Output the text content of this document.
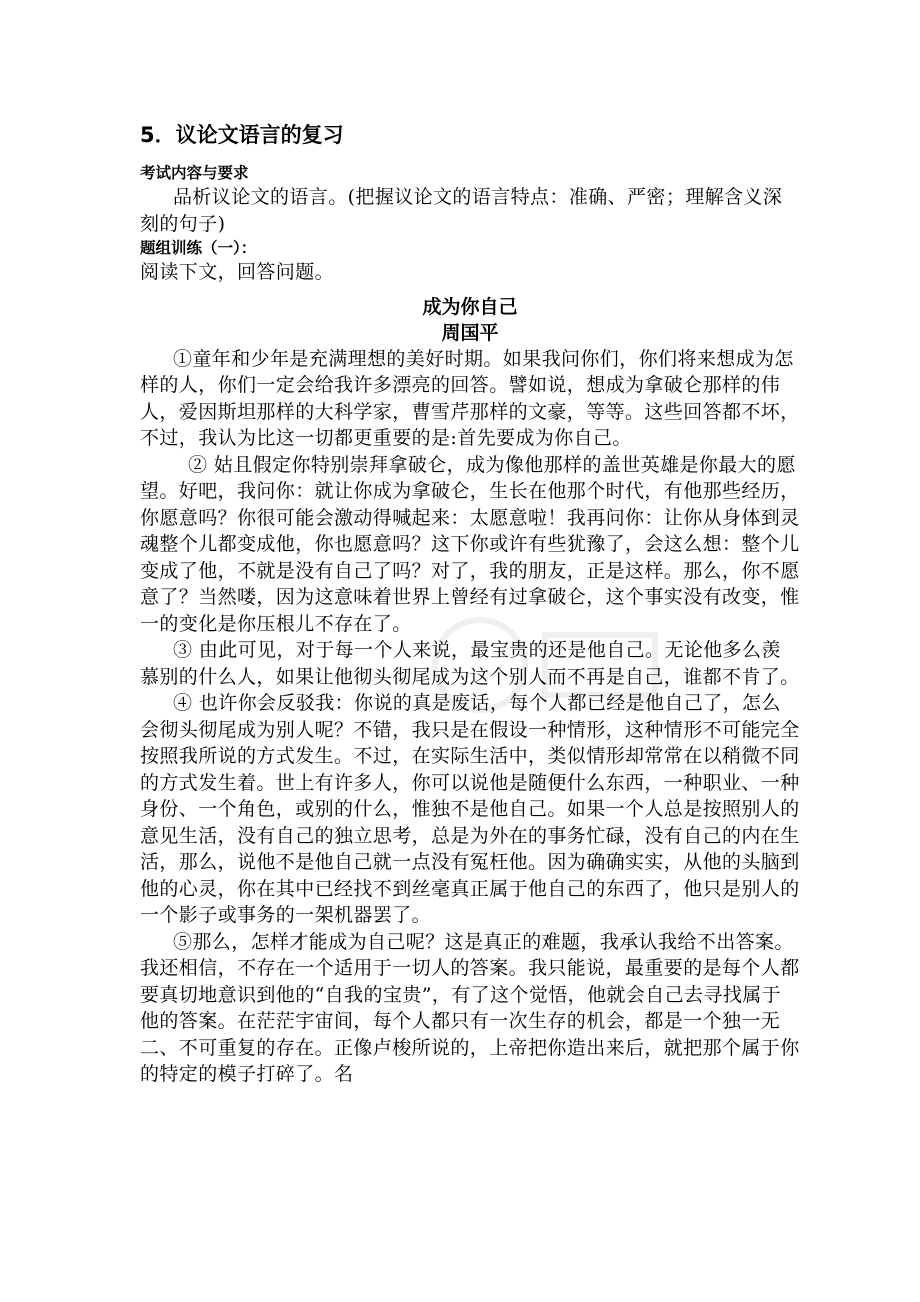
5．议论文语言的复习

考试内容与要求

品析议论文的语言。(把握议论文的语言特点：准确、严密；理解含义深刻的句子)

题组训练（一）：

阅读下文，回答问题。

成为你自己

周国平

①童年和少年是充满理想的美好时期。如果我问你们，你们将来想成为怎样的人，你们一定会给我许多漂亮的回答。譬如说，想成为拿破仑那样的伟人，爱因斯坦那样的大科学家，曹雪芹那样的文豪，等等。这些回答都不坏，不过，我认为比这一切都更重要的是:首先要成为你自己。

② 姑且假定你特别崇拜拿破仑，成为像他那样的盖世英雄是你最大的愿望。好吧，我问你：就让你成为拿破仑，生长在他那个时代，有他那些经历，你愿意吗？你很可能会激动得喊起来：太愿意啦！我再问你：让你从身体到灵魂整个儿都变成他，你也愿意吗？这下你或许有些犹豫了，会这么想：整个儿变成了他，不就是没有自己了吗？对了，我的朋友，正是这样。那么，你不愿意了？当然喽，因为这意味着世界上曾经有过拿破仑，这个事实没有改变，惟一的变化是你压根儿不存在了。

③ 由此可见，对于每一个人来说，最宝贵的还是他自己。无论他多么羡慕别的什么人，如果让他彻头彻尾成为这个别人而不再是自己，谁都不肯了。

④ 也许你会反驳我：你说的真是废话，每个人都已经是他自己了，怎么会彻头彻尾成为别人呢？不错，我只是在假设一种情形，这种情形不可能完全按照我所说的方式发生。不过，在实际生活中，类似情形却常常在以稍微不同的方式发生着。世上有许多人，你可以说他是随便什么东西，一种职业、一种身份、一个角色，或别的什么，惟独不是他自己。如果一个人总是按照别人的意见生活，没有自己的独立思考，总是为外在的事务忙碌，没有自己的内在生活，那么，说他不是他自己就一点没有冤枉他。因为确确实实，从他的头脑到他的心灵，你在其中已经找不到丝毫真正属于他自己的东西了，他只是别人的一个影子或事务的一架机器罢了。

⑤那么，怎样才能成为自己呢？这是真正的难题，我承认我给不出答案。我还相信，不存在一个适用于一切人的答案。我只能说，最重要的是每个人都要真切地意识到他的“自我的宝贵”，有了这个觉悟，他就会自己去寻找属于他的答案。在茫茫宇宙间，每个人都只有一次生存的机会，都是一个独一无二、不可重复的存在。正像卢梭所说的，上帝把你造出来后，就把那个属于你的特定的模子打碎了。名
